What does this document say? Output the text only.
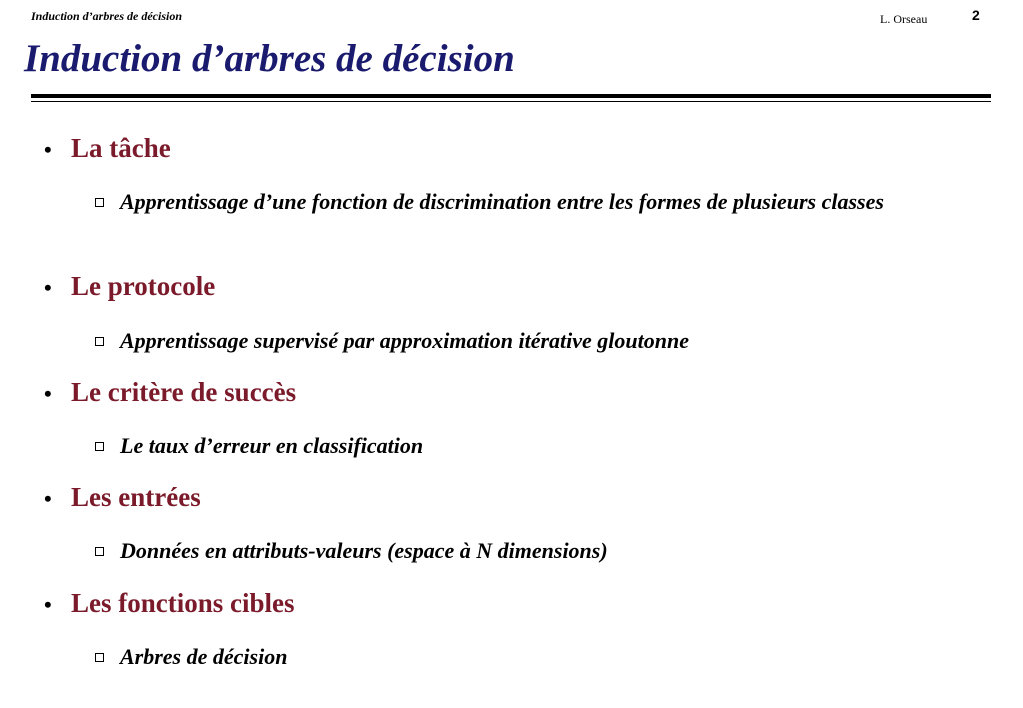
Induction d’arbres de décision	L. Orseau	2
Induction d’arbres de décision
• La tâche
Apprentissage d’une fonction de discrimination entre les formes de plusieurs classes
• Le protocole
Apprentissage supervisé par approximation itérative gloutonne
• Le critère de succès
Le taux d’erreur en classification
• Les entrées
Données en attributs-valeurs (espace à N dimensions)
• Les fonctions cibles
Arbres de décision
